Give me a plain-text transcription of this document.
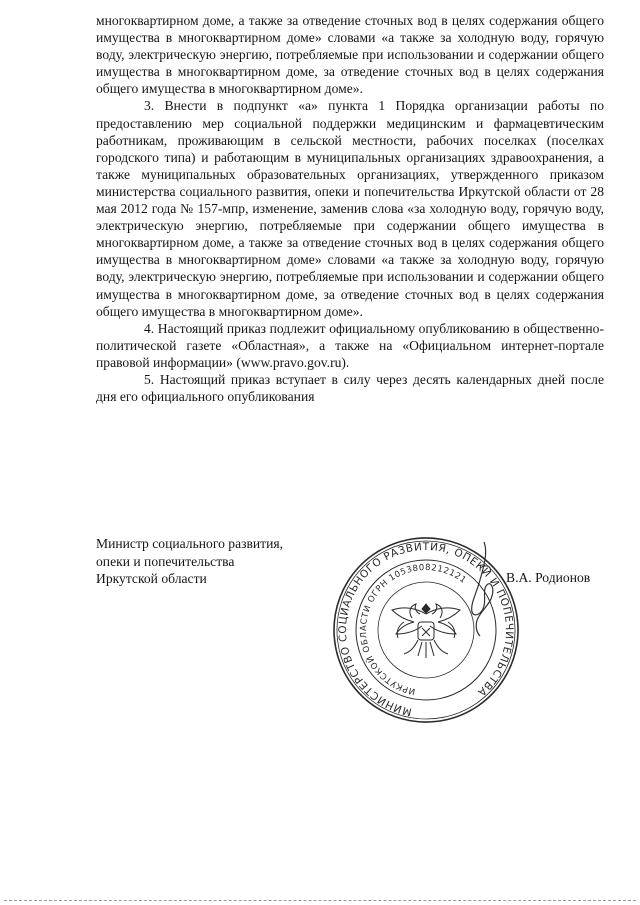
многоквартирном доме, а также за отведение сточных вод в целях содержания общего имущества в многоквартирном доме» словами «а также за холодную воду, горячую воду, электрическую энергию, потребляемые при использовании и содержании общего имущества в многоквартирном доме, за отведение сточных вод в целях содержания общего имущества в многоквартирном доме».

3. Внести в подпункт «а» пункта 1 Порядка организации работы по предоставлению мер социальной поддержки медицинским и фармацевтическим работникам, проживающим в сельской местности, рабочих поселках (поселках городского типа) и работающим в муниципальных организациях здравоохранения, а также муниципальных образовательных организациях, утвержденного приказом министерства социального развития, опеки и попечительства Иркутской области от 28 мая 2012 года № 157-мпр, изменение, заменив слова «за холодную воду, горячую воду, электрическую энергию, потребляемые при содержании общего имущества в многоквартирном доме, а также за отведение сточных вод в целях содержания общего имущества в многоквартирном доме» словами «а также за холодную воду, горячую воду, электрическую энергию, потребляемые при использовании и содержании общего имущества в многоквартирном доме, за отведение сточных вод в целях содержания общего имущества в многоквартирном доме».

4. Настоящий приказ подлежит официальному опубликованию в общественно-политической газете «Областная», а также на «Официальном интернет-портале правовой информации» (www.pravo.gov.ru).

5. Настоящий приказ вступает в силу через десять календарных дней после дня его официального опубликования

Министр социального развития,
опеки и попечительства
Иркутской области
МИНИСТЕРСТВО СОЦИАЛЬНОГО РАЗВИТИЯ, ОПЕКИ И ПОПЕЧИТЕЛЬСТВА
ИРКУТСКОЙ ОБЛАСТИ ОГРН 1053808212121	В.А. Родионов
